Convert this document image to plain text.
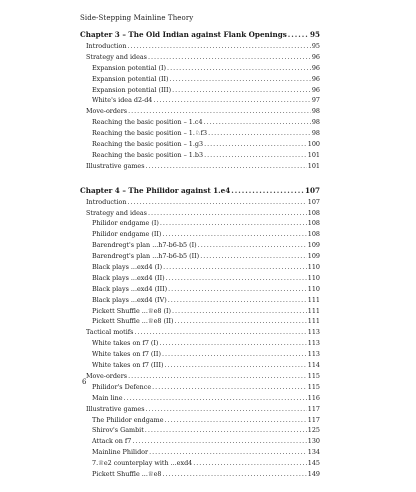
Side-Stepping Mainline Theory
Chapter 3 – The Old Indian against Flank Openings .....	95
Introduction .....	95
Strategy and ideas .....	96
Expansion potential (I) .....	96
Expansion potential (II) .....	96
Expansion potential (III) .....	96
White's idea d2-d4 .....	97
Move-orders .....	98
Reaching the basic position – 1.c4 .....	98
Reaching the basic position – 1.♘f3 .....	98
Reaching the basic position – 1.g3 .....	100
Reaching the basic position – 1.b3 .....	101
Illustrative games .....	101
Chapter 4 – The Philidor against 1.e4 .....	107
Introduction .....	107
Strategy and ideas .....	108
Philidor endgame (I) .....	108
Philidor endgame (II) .....	108
Barendregt's plan ...h7-b6-b5 (I) .....	109
Barendregt's plan ...h7-b6-b5 (II) .....	109
Black plays ...exd4 (I) .....	110
Black plays ...exd4 (II) .....	110
Black plays ...exd4 (III) .....	110
Black plays ...exd4 (IV) .....	111
Pickett Shuffle ...♕e8 (I) .....	111
Pickett Shuffle ...♕e8 (II) .....	111
Tactical motifs .....	113
White takes on f7 (I) .....	113
White takes on f7 (II) .....	113
White takes on f7 (III) .....	114
Move-orders .....	115
Philidor's Defence .....	115
Main line .....	116
Illustrative games .....	117
The Philidor endgame .....	117
Shirov's Gambit .....	125
Attack on f7 .....	130
Mainline Philidor .....	134
7.♕e2 counterplay with ...exd4 .....	145
Pickett Shuffle ...♕e8 .....	149
6
